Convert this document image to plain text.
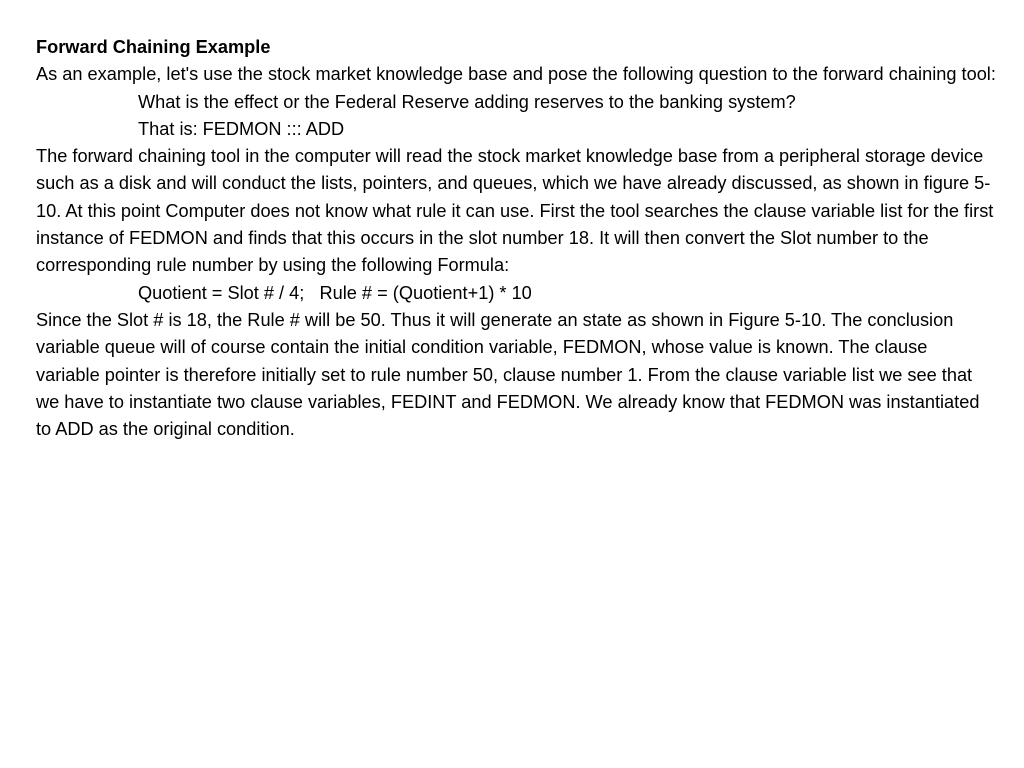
Forward Chaining Example

As an example, let's use the stock market knowledge base and pose the following question to the forward chaining tool:

What is the effect or the Federal Reserve adding reserves to the banking system?

That is: FEDMON ::: ADD

The forward chaining tool in the computer will read the stock market knowledge base from a peripheral storage device such as a disk and will conduct the lists, pointers, and queues, which we have already discussed, as shown in figure 5-10. At this point Computer does not know what rule it can use. First the tool searches the clause variable list for the first instance of FEDMON and finds that this occurs in the slot number 18. It will then convert the Slot number to the corresponding rule number by using the following Formula:

Quotient = Slot # / 4;   Rule # = (Quotient+1) * 10

Since the Slot # is 18, the Rule # will be 50. Thus it will generate an state as shown in Figure 5-10. The conclusion variable queue will of course contain the initial condition variable, FEDMON, whose value is known. The clause variable pointer is therefore initially set to rule number 50, clause number 1. From the clause variable list we see that we have to instantiate two clause variables, FEDINT and FEDMON. We already know that FEDMON was instantiated to ADD as the original condition.
